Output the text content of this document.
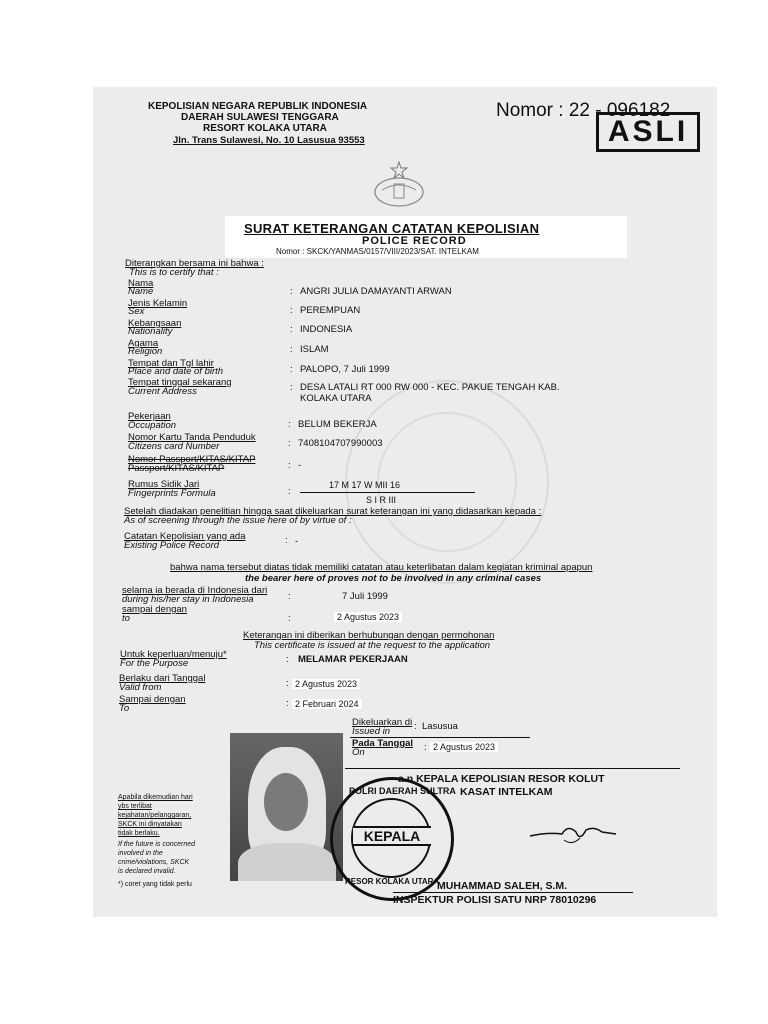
KEPOLISIAN NEGARA REPUBLIK INDONESIA
DAERAH SULAWESI TENGGARA
RESORT KOLAKA UTARA
Jln. Trans Sulawesi, No. 10 Lasusua 93553
Nomor : 22 - 096182
ASLI
SURAT KETERANGAN CATATAN KEPOLISIAN
POLICE RECORD
Nomor : SKCK/YANMAS/0157/VIII/2023/SAT. INTELKAM
Diterangkan bersama ini bahwa :
This is to certify that :
Nama
Name	: ANGRI JULIA DAMAYANTI ARWAN
Jenis Kelamin
Sex	: PEREMPUAN
Kebangsaan
Nationality	: INDONESIA
Agama
Religion	: ISLAM
Tempat dan Tgl lahir
Place and date of birth	: PALOPO, 7 Juli 1999
Tempat tinggal sekarang
Current Address	: DESA LATALI RT 000 RW 000 - KEC. PAKUE TENGAH KAB.
KOLAKA UTARA
Pekerjaan
Occupation	: BELUM BEKERJA
Nomor Kartu Tanda Penduduk
Citizens card Number	: 7408104707990003
Nomor Passport/KITAS/KITAP
Passport/KITAS/KITAP	: -
Rumus Sidik Jari
Fingerprints Formula	:
17 M 17 W MII 16
S I R III
Setelah diadakan penelitian hingga saat dikeluarkan surat keterangan ini yang didasarkan kepada :
As of screening through the issue here of by virtue of :
Catatan Kepolisian yang ada
Existing Police Record	: -
bahwa nama tersebut diatas tidak memiliki catatan atau keterlibatan dalam kegiatan kriminal apapun
the bearer here of proves not to be involved in any criminal cases
selama ia berada di Indonesia dari
during his/her stay in Indonesia	:	7 Juli 1999
sampai dengan
to	:	2 Agustus 2023
Keterangan ini diberikan berhubungan dengan permohonan
This certificate is issued at the request to the application
Untuk keperluan/menuju*
For the Purpose	: MELAMAR PEKERJAAN
Berlaku dari Tanggal
Valid from	: 2 Agustus 2023
Sampai dengan
To	: 2 Februari 2024
Dikeluarkan di
Issued in	: Lasusua
Pada Tanggal
On	: 2 Agustus 2023
a.n KEPALA KEPOLISIAN RESOR KOLUT
KASAT INTELKAM
POLRI DAERAH SULTRA
KEPALA
RESOR KOLAKA UTARA
MUHAMMAD SALEH, S.M.
INSPEKTUR POLISI SATU NRP 78010296
Apabila dikemudian hari
ybs terlibat
kejahatan/pelanggaran,
SKCK ini dinyatakan
tidak berlaku.
If the future is concerned
involved in the
crime/violations, SKCK
is declared invalid.
*) coret yang tidak perlu
